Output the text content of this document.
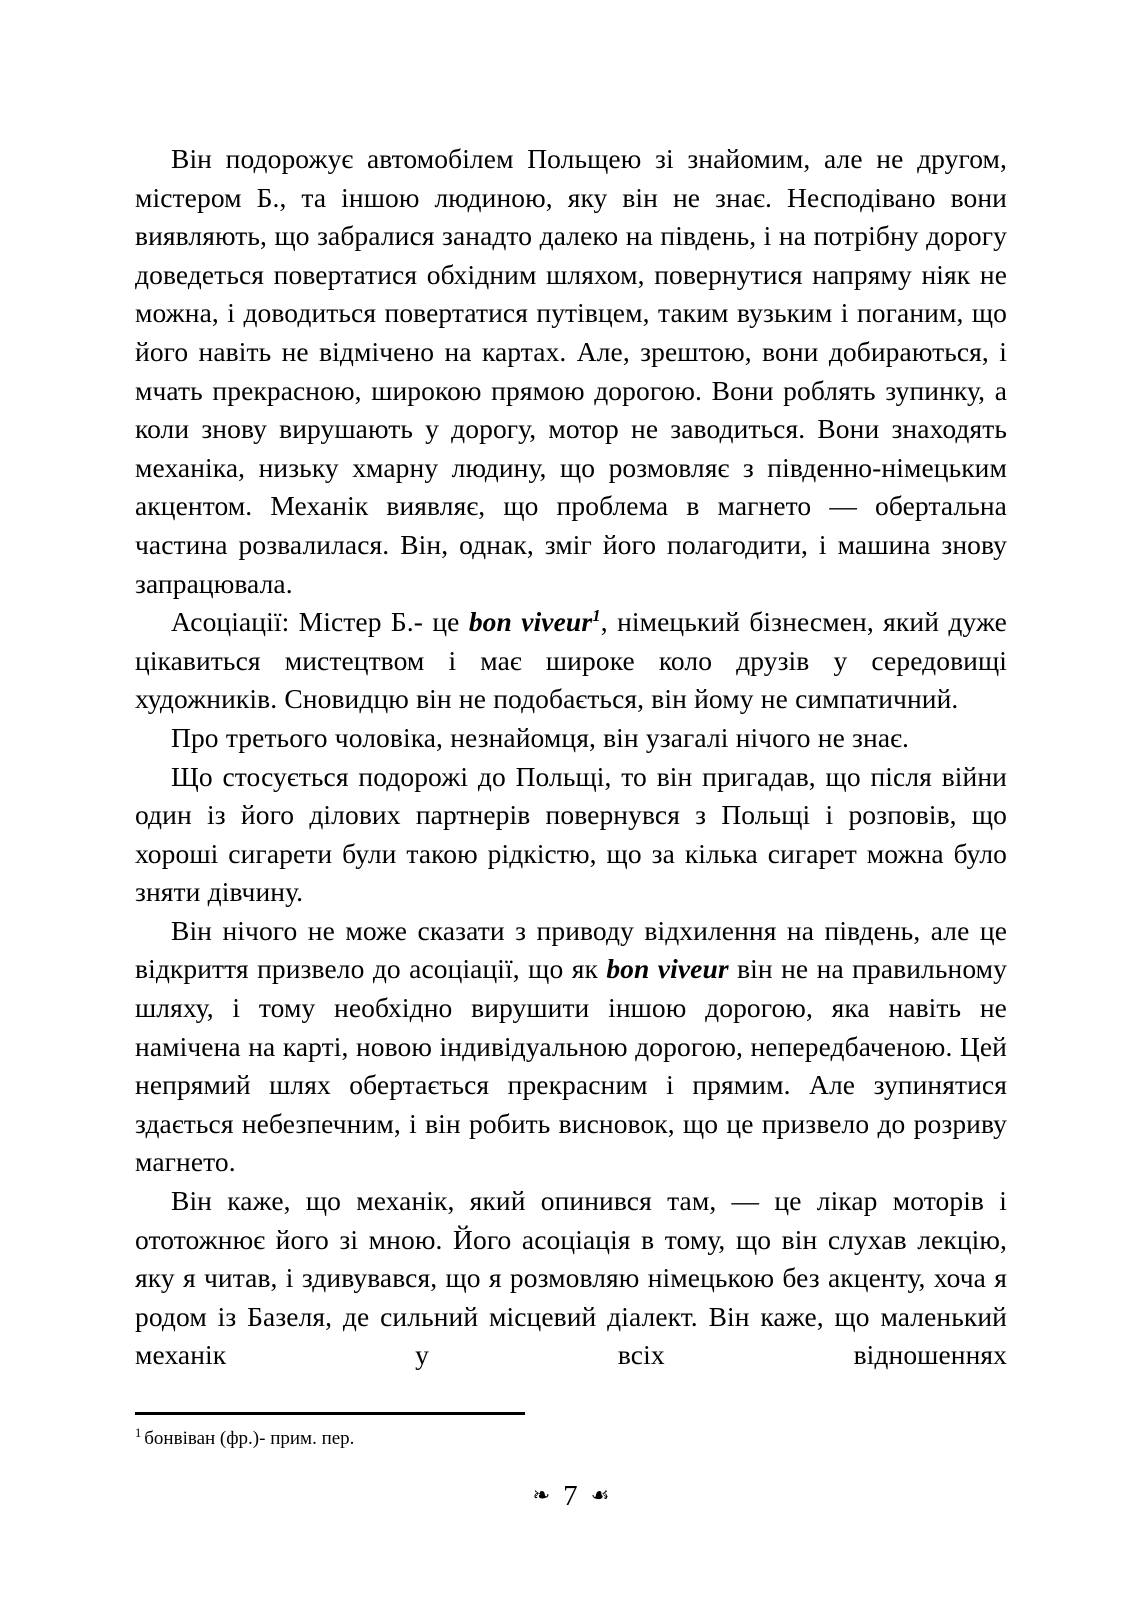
Він подорожує автомобілем Польщею зі знайомим, але не другом, містером Б., та іншою людиною, яку він не знає. Несподівано вони виявляють, що забралися занадто далеко на південь, і на потрібну дорогу доведеться повертатися обхідним шляхом, повернутися напряму ніяк не можна, і доводиться повертатися путівцем, таким вузьким і поганим, що його навіть не відмічено на картах. Але, зрештою, вони добираються, і мчать прекрасною, широкою прямою дорогою. Вони роблять зупинку, а коли знову вирушають у дорогу, мотор не заводиться. Вони знаходять механіка, низьку хмарну людину, що розмовляє з південно-німецьким акцентом. Механік виявляє, що проблема в магнето — обертальна частина розвалилася. Він, однак, зміг його полагодити, і машина знову запрацювала.

Асоціації: Містер Б.- це bon viveur$^1$, німецький бізнесмен, який дуже цікавиться мистецтвом і має широке коло друзів у середовищі художників. Сновидцю він не подобається, він йому не симпатичний.

Про третього чоловіка, незнайомця, він узагалі нічого не знає.

Що стосується подорожі до Польщі, то він пригадав, що після війни один із його ділових партнерів повернувся з Польщі і розповів, що хороші сигарети були такою рідкістю, що за кілька сигарет можна було зняти дівчину.

Він нічого не може сказати з приводу відхилення на південь, але це відкриття призвело до асоціації, що як bon viveur він не на правильному шляху, і тому необхідно вирушити іншою дорогою, яка навіть не намічена на карті, новою індивідуальною дорогою, непередбаченою. Цей непрямий шлях обертається прекрасним і прямим. Але зупинятися здається небезпечним, і він робить висновок, що це призвело до розриву магнето.

Він каже, що механік, який опинився там, — це лікар моторів і ототожнює його зі мною. Його асоціація в тому, що він слухав лекцію, яку я читав, і здивувався, що я розмовляю німецькою без акценту, хоча я родом із Базеля, де сильний місцевий діалект. Він каже, що маленький механік у всіх відношеннях

$^1$ бонвіван (фр.)- прим. пер.
❧ 7 ☙
